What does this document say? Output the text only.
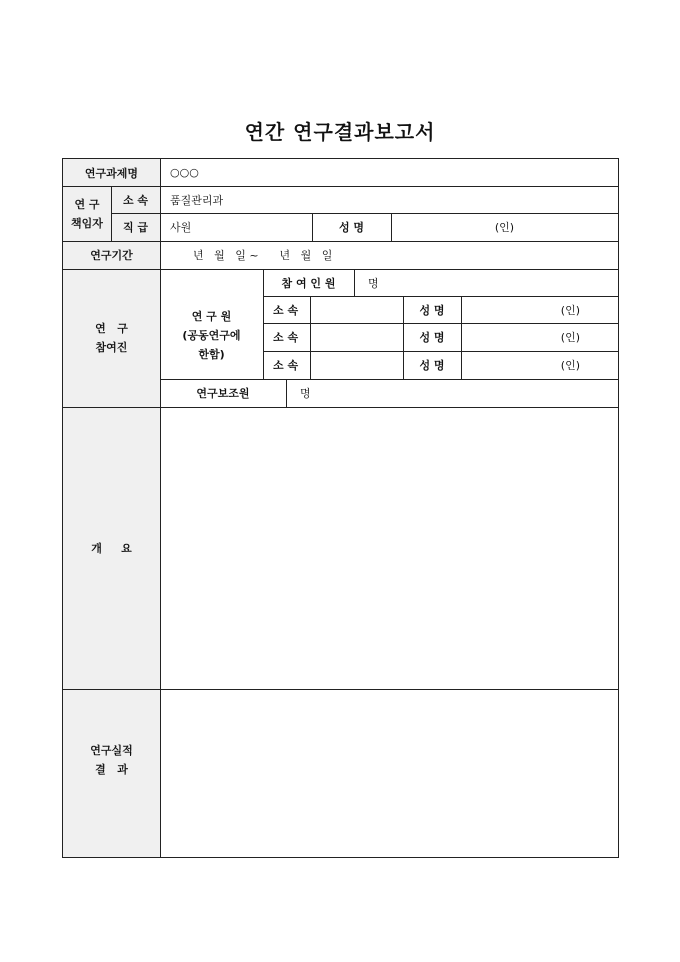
연간 연구결과보고서
연구과제명	○○○
연 구
책임자
소 속	품질관리과
직 급	사원	성 명	(인)
연구기간	년   월   일 ~      년   월   일
연   구
참여진
연 구 원
(공동연구에
한함)
참 여 인 원	명
소 속	성 명	(인)
소 속	성 명	(인)
소 속	성 명	(인)
연구보조원	명
개     요
연구실적
결   과
